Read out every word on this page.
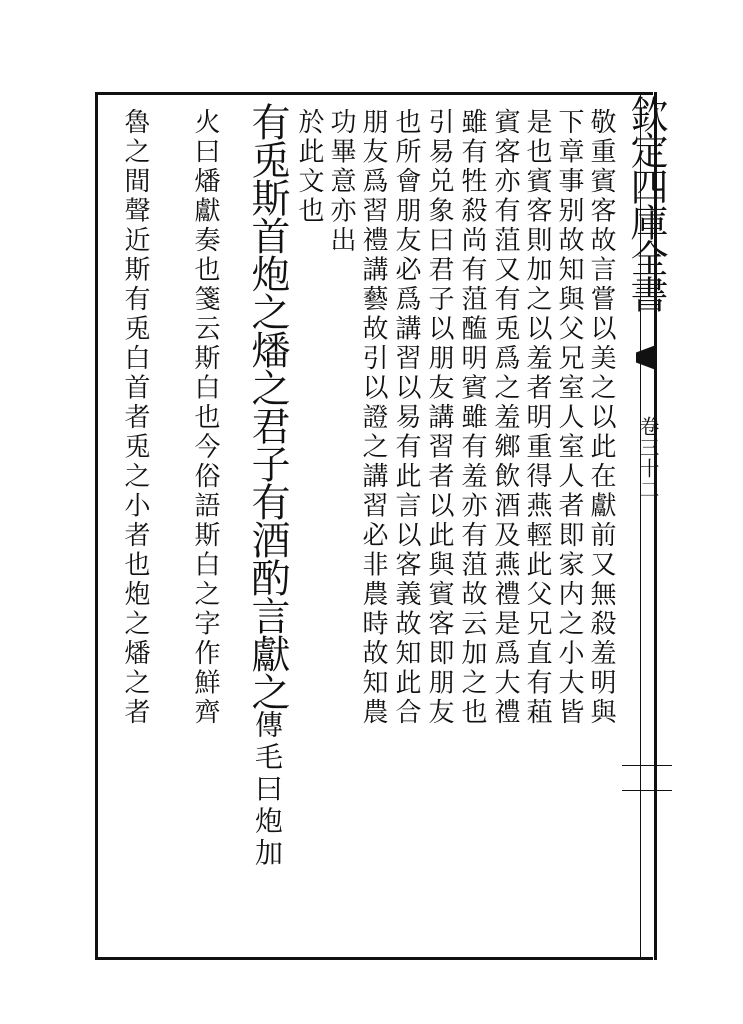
欽定四庫全書
卷三十二
敬重賓客故言嘗以美之以此在獻前又無殺羞明與
下章事别故知與父兄室人室人者即家内之小大皆
是也賓客則加之以羞者明重得燕輕此父兄直有蒩
賓客亦有菹又有兎爲之羞鄉飲酒及燕禮是爲大禮
雖有牲殺尚有菹醢明賓雖有羞亦有菹故云加之也
引易兑象曰君子以朋友講習者以此與賓客即朋友
也所會朋友必爲講習以易有此言以客義故知此合
朋友爲習禮講藝故引以證之講習必非農時故知農
功畢意亦出
於此文也
有兎斯首炮之燔之君子有酒酌言獻之傳毛曰炮加
火曰燔獻奏也箋云斯白也今俗語斯白之字作鮮齊
魯之間聲近斯有兎白首者兎之小者也炮之燔之者
